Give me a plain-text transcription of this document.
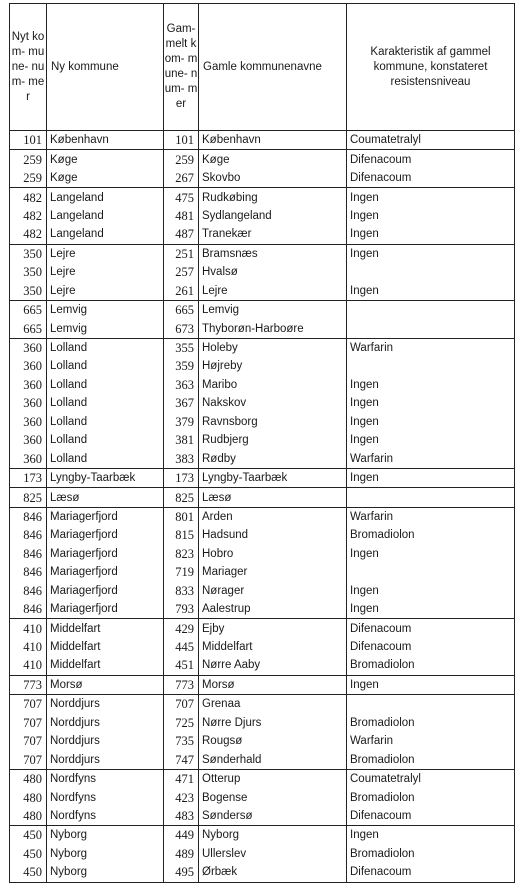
Nyt kom- mune- num- mer	Ny kommune	Gam- melt kom- mune- num- mer	Gamle kommunenavne	Karakteristik af gammel kommune, konstateret resistensniveau
101	København	101	København	Coumatetralyl
259	Køge	259	Køge	Difenacoum
259	Køge	267	Skovbo	Difenacoum
482	Langeland	475	Rudkøbing	Ingen
482	Langeland	481	Sydlangeland	Ingen
482	Langeland	487	Tranekær	Ingen
350	Lejre	251	Bramsnæs	Ingen
350	Lejre	257	Hvalsø	
350	Lejre	261	Lejre	Ingen
665	Lemvig	665	Lemvig	
665	Lemvig	673	Thyborøn-Harboøre	
360	Lolland	355	Holeby	Warfarin
360	Lolland	359	Højreby	
360	Lolland	363	Maribo	Ingen
360	Lolland	367	Nakskov	Ingen
360	Lolland	379	Ravnsborg	Ingen
360	Lolland	381	Rudbjerg	Ingen
360	Lolland	383	Rødby	Warfarin
173	Lyngby-Taarbæk	173	Lyngby-Taarbæk	Ingen
825	Læsø	825	Læsø	
846	Mariagerfjord	801	Arden	Warfarin
846	Mariagerfjord	815	Hadsund	Bromadiolon
846	Mariagerfjord	823	Hobro	Ingen
846	Mariagerfjord	719	Mariager	
846	Mariagerfjord	833	Nørager	Ingen
846	Mariagerfjord	793	Aalestrup	Ingen
410	Middelfart	429	Ejby	Difenacoum
410	Middelfart	445	Middelfart	Difenacoum
410	Middelfart	451	Nørre Aaby	Bromadiolon
773	Morsø	773	Morsø	Ingen
707	Norddjurs	707	Grenaa	
707	Norddjurs	725	Nørre Djurs	Bromadiolon
707	Norddjurs	735	Rougsø	Warfarin
707	Norddjurs	747	Sønderhald	Bromadiolon
480	Nordfyns	471	Otterup	Coumatetralyl
480	Nordfyns	423	Bogense	Bromadiolon
480	Nordfyns	483	Søndersø	Difenacoum
450	Nyborg	449	Nyborg	Ingen
450	Nyborg	489	Ullerslev	Bromadiolon
450	Nyborg	495	Ørbæk	Difenacoum
